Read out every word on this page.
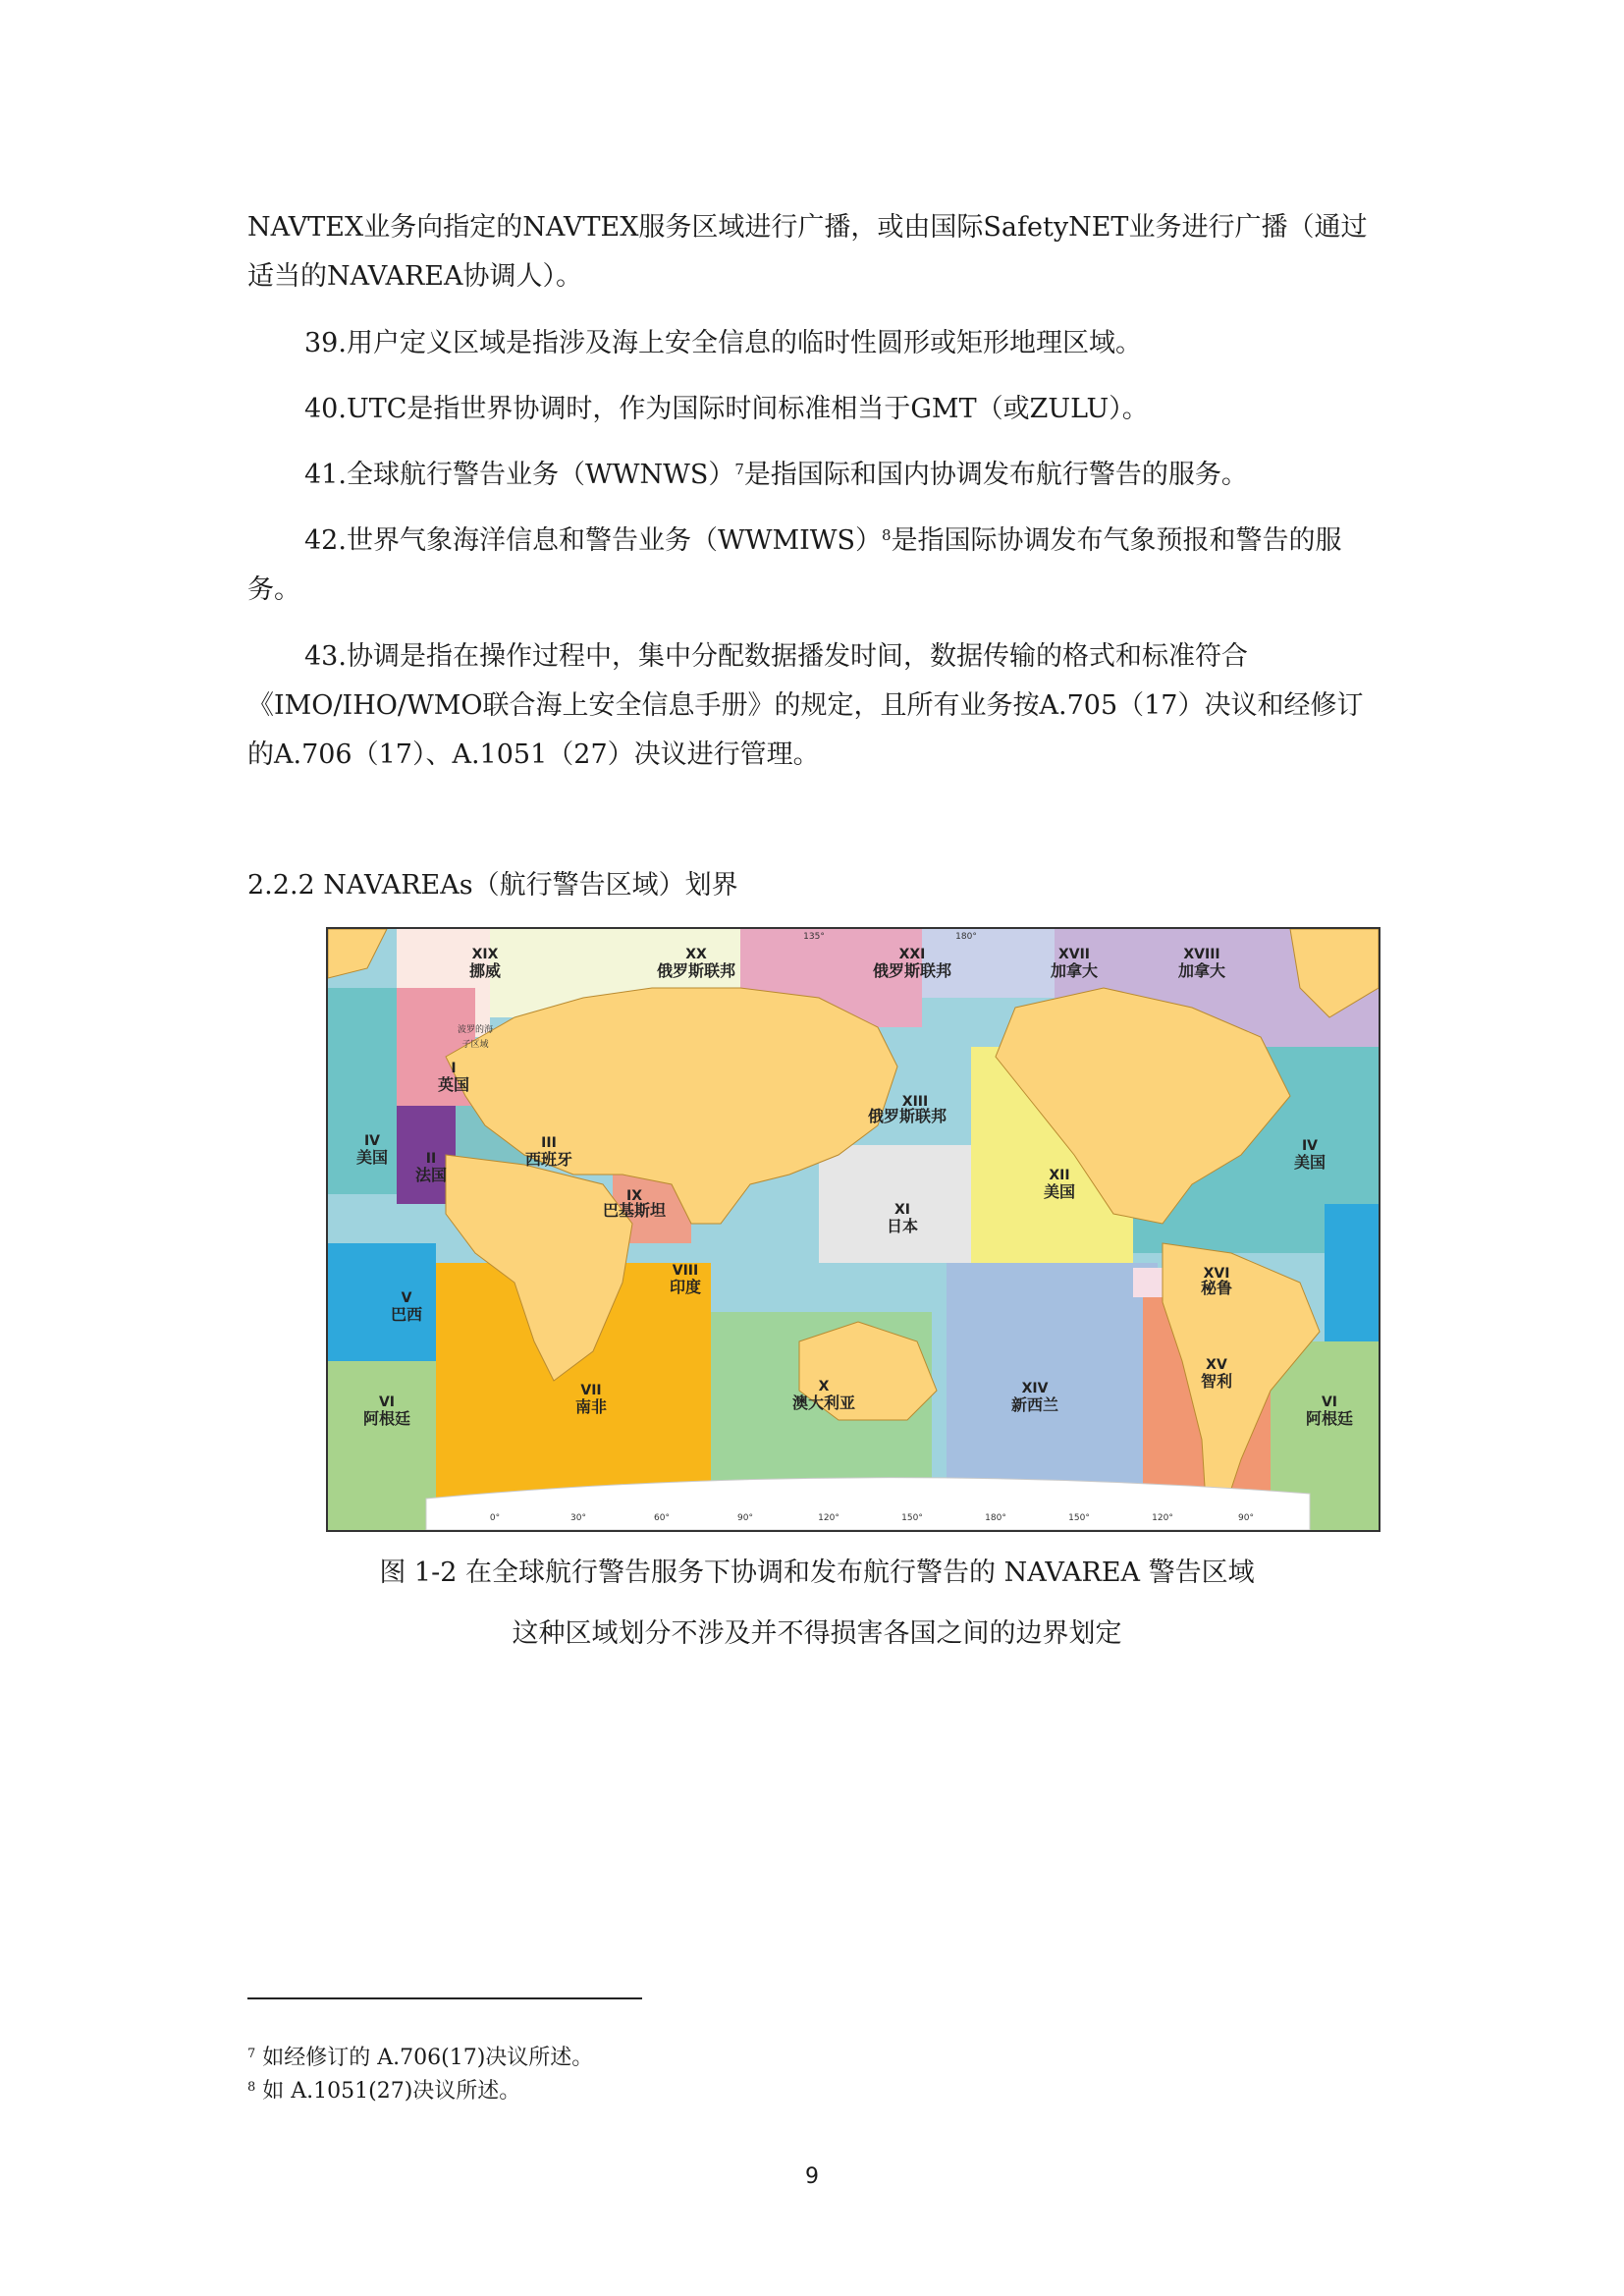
NAVTEX业务向指定的NAVTEX服务区域进行广播，或由国际SafetyNET业务进行广播（通过适当的NAVAREA协调人）。

39.用户定义区域是指涉及海上安全信息的临时性圆形或矩形地理区域。

40.UTC是指世界协调时，作为国际时间标准相当于GMT（或ZULU）。

41.全球航行警告业务（WWNWS）$^7$是指国际和国内协调发布航行警告的服务。

42.世界气象海洋信息和警告业务（WWMIWS）$^8$是指国际协调发布气象预报和警告的服务。

43.协调是指在操作过程中，集中分配数据播发时间，数据传输的格式和标准符合《IMO/IHO/WMO联合海上安全信息手册》的规定，且所有业务按A.705（17）决议和经修订的A.706（17）、A.1051（27）决议进行管理。

2.2.2 NAVAREAs（航行警告区域）划界

XIX
挪威
XX
俄罗斯联邦
XXI
俄罗斯联邦
XVII
加拿大
XVIII
加拿大
I
英国
II
法国
III
西班牙
IV
美国
IV
美国
V
巴西
VI
阿根廷
VI
阿根廷
VII
南非
VIII
印度
IX
巴基斯坦
X
澳大利亚
XI
日本
XII
美国
XIII
俄罗斯联邦
XIV
新西兰
XV
智利
XVI
秘鲁
波罗的海
子区域
0°	30°	60°	90°	120°	150°	180°	150°	120°	90°
135°	180°

图 1-2 在全球航行警告服务下协调和发布航行警告的 NAVAREA 警告区域

这种区域划分不涉及并不得损害各国之间的边界划定

$^7$ 如经修订的 A.706(17)决议所述。

$^8$ 如 A.1051(27)决议所述。

9
